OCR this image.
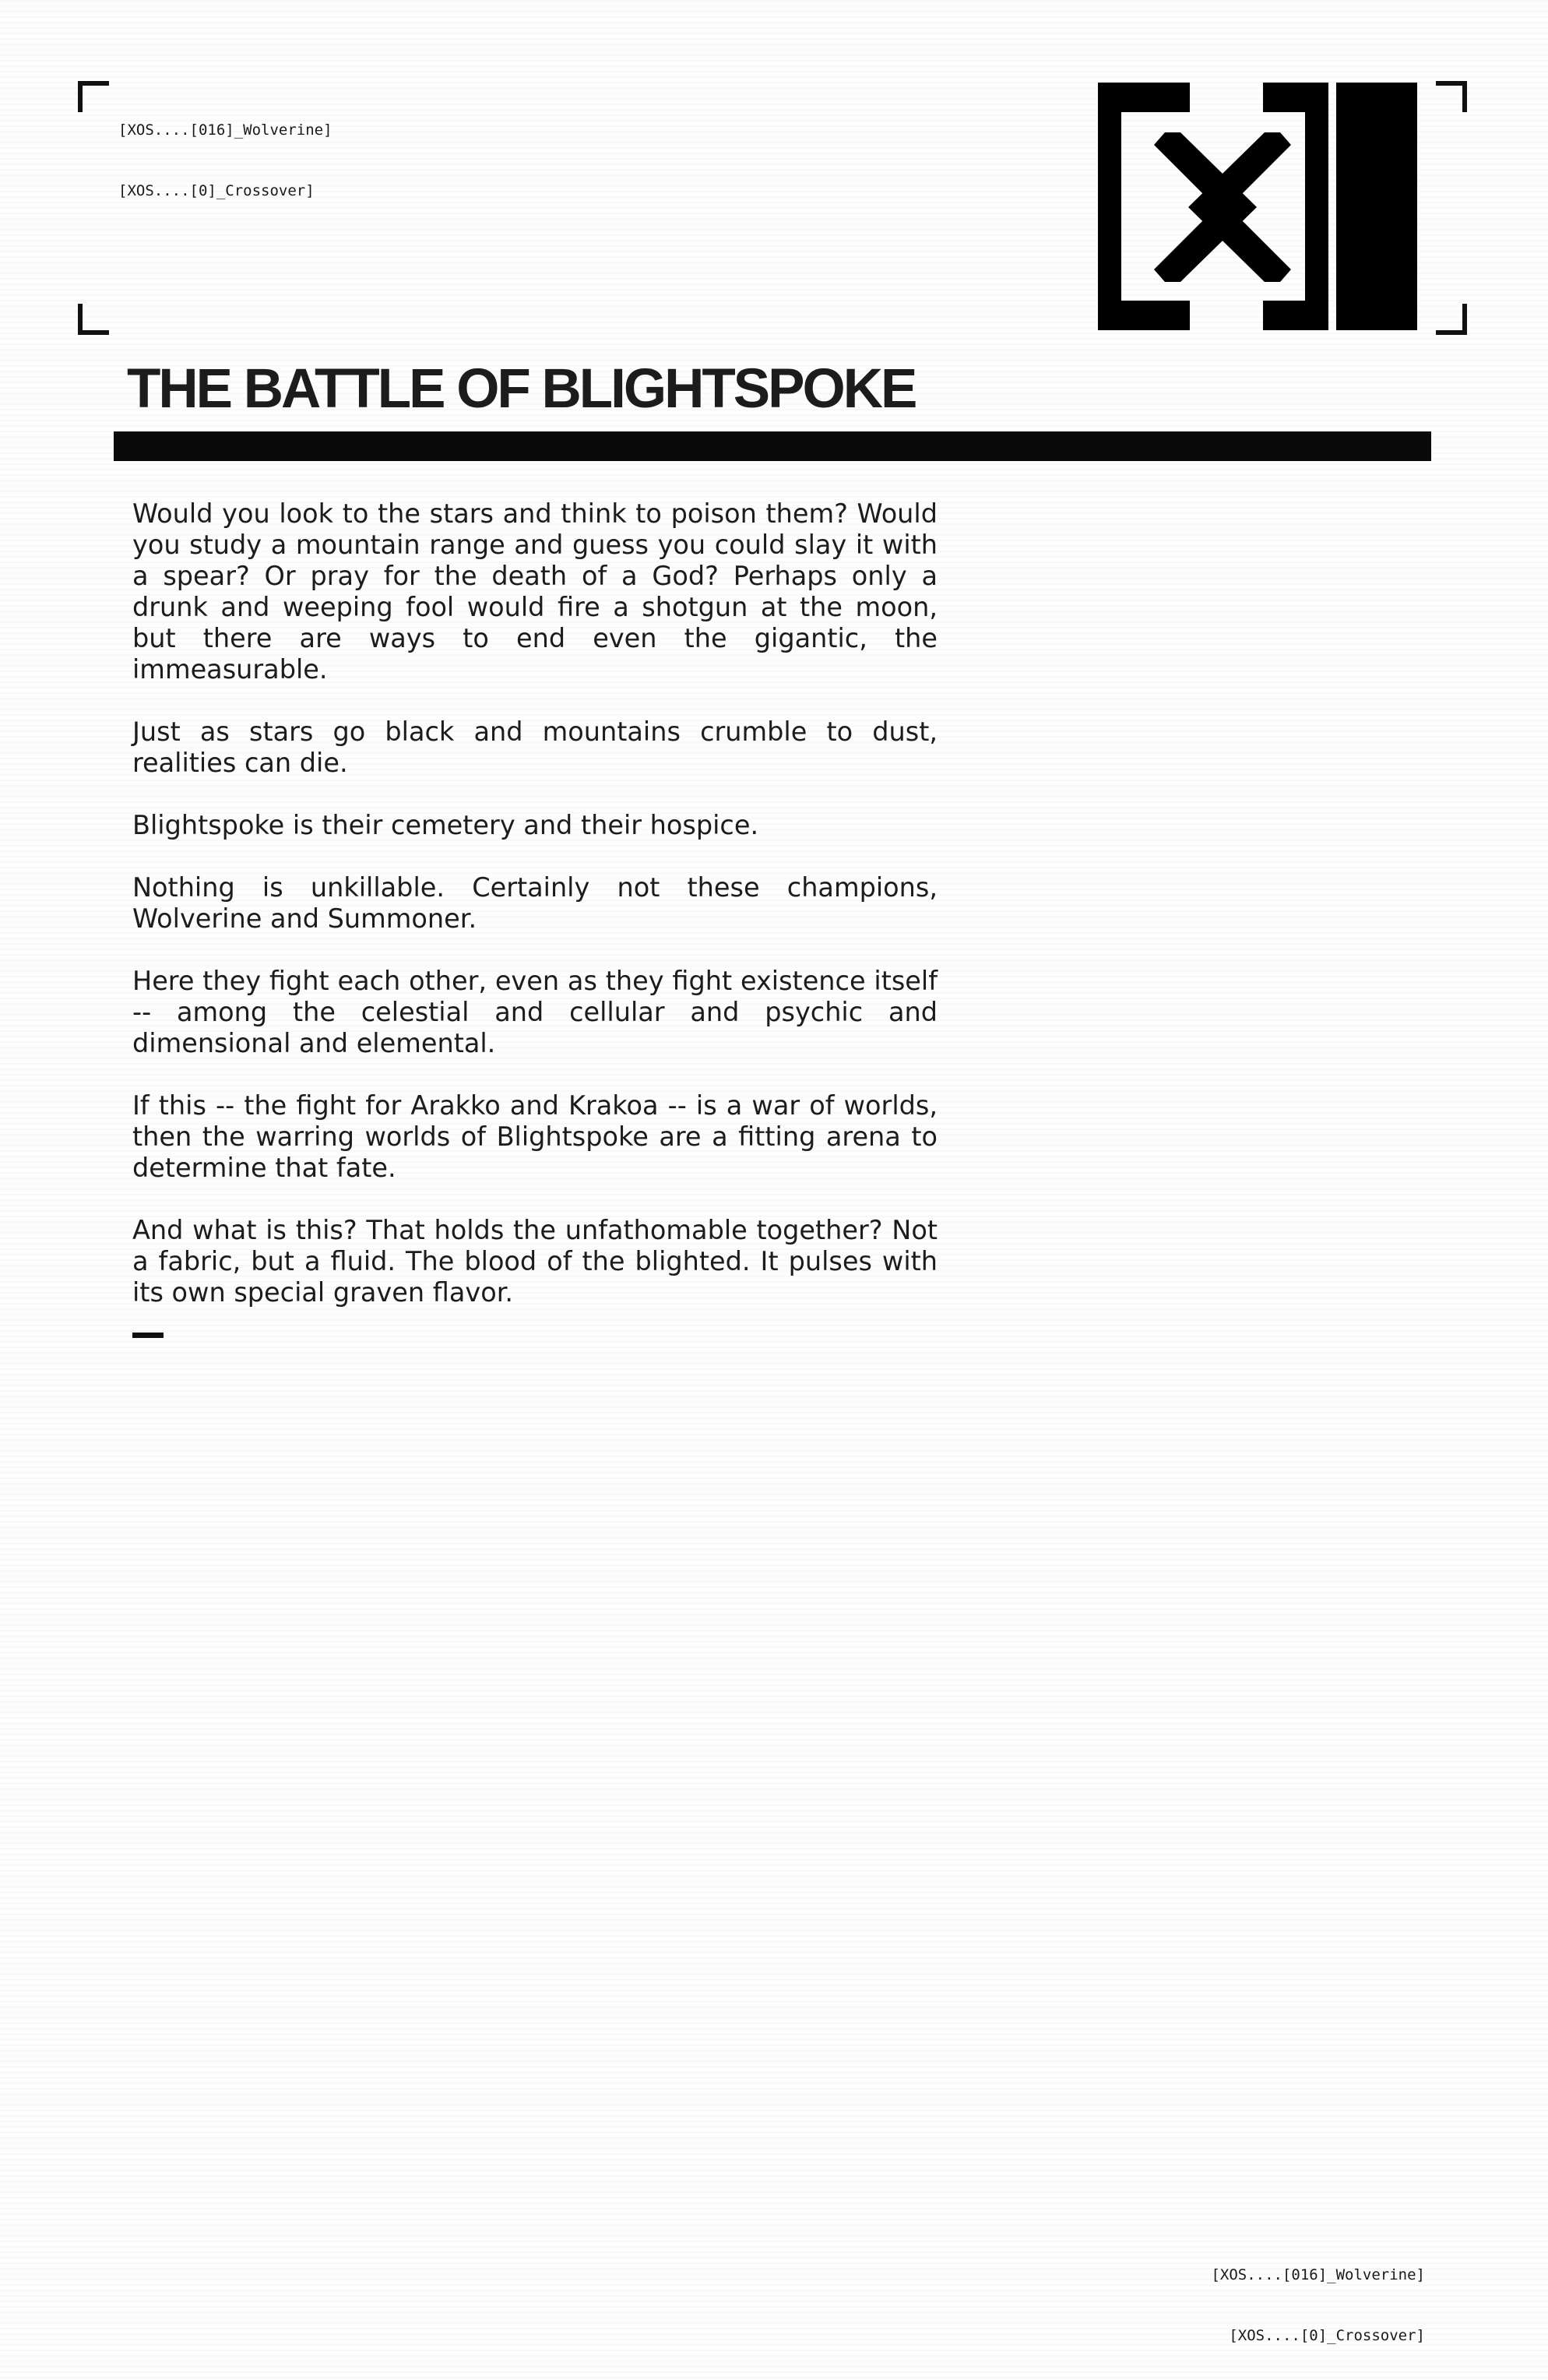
[XOS....[016]_Wolverine]

[XOS....[0]_Crossover]

THE BATTLE OF BLIGHTSPOKE

Would you look to the stars and think to poison them? Would you study a mountain range and guess you could slay it with a spear? Or pray for the death of a God? Perhaps only a drunk and weeping fool would fire a shotgun at the moon, but there are ways to end even the gigantic, the immeasurable.

Just as stars go black and mountains crumble to dust, realities can die.

Blightspoke is their cemetery and their hospice.

Nothing is unkillable. Certainly not these champions, Wolverine and Summoner.

Here they fight each other, even as they fight existence itself -- among the celestial and cellular and psychic and dimensional and elemental.

If this -- the fight for Arakko and Krakoa -- is a war of worlds, then the warring worlds of Blightspoke are a fitting arena to determine that fate.

And what is this? That holds the unfathomable together? Not a fabric, but a fluid. The blood of the blighted. It pulses with its own special graven flavor.

[XOS....[016]_Wolverine]

[XOS....[0]_Crossover]
